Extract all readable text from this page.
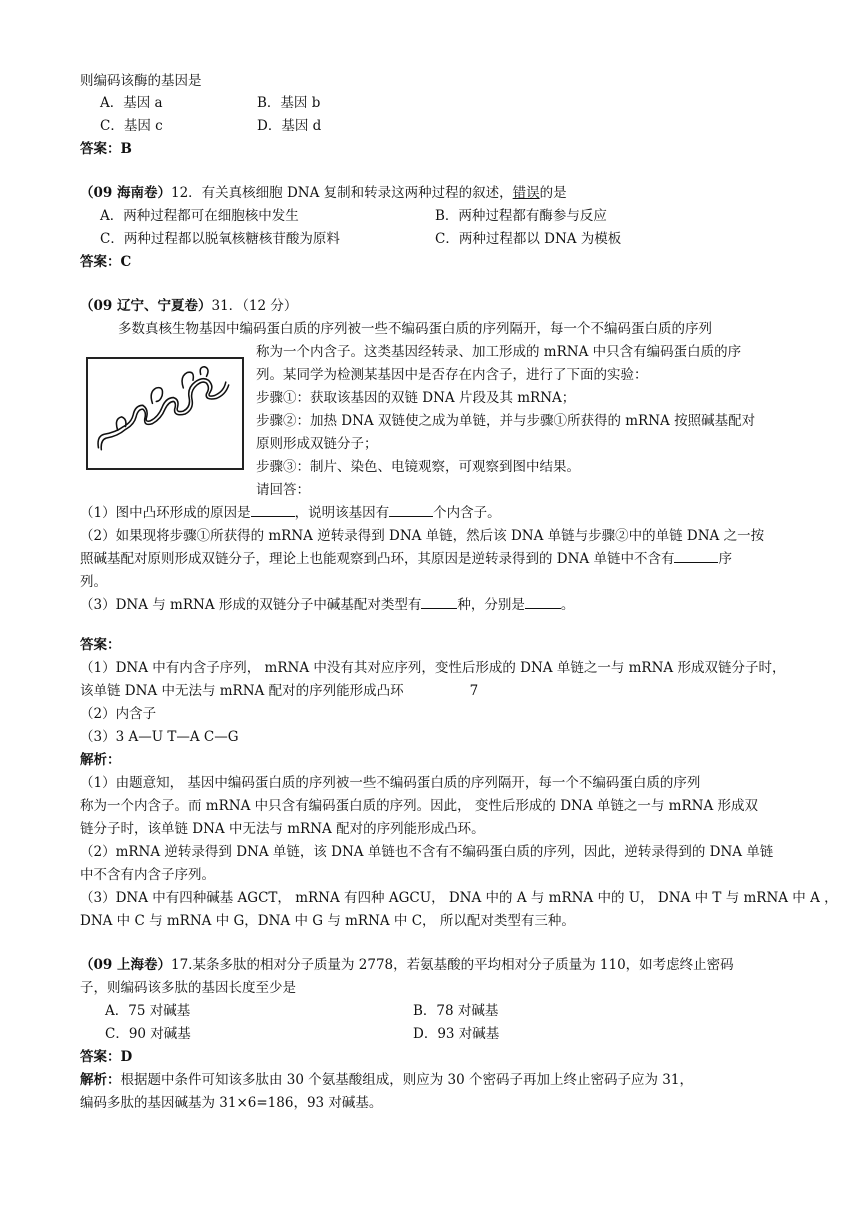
则编码该酶的基因是
A．基因 a	B．基因 b
C．基因 c	D．基因 d
答案：B
（09 海南卷）12．有关真核细胞 DNA 复制和转录这两种过程的叙述，错误的是
A．两种过程都可在细胞核中发生	B．两种过程都有酶参与反应
C．两种过程都以脱氧核糖核苷酸为原料	C．两种过程都以 DNA 为模板
答案：C
（09 辽宁、宁夏卷）31．（12 分）
多数真核生物基因中编码蛋白质的序列被一些不编码蛋白质的序列隔开，每一个不编码蛋白质的序列
称为一个内含子。这类基因经转录、加工形成的 mRNA 中只含有编码蛋白质的序
列。某同学为检测某基因中是否存在内含子，进行了下面的实验：
步骤①：获取该基因的双链 DNA 片段及其 mRNA；
步骤②：加热 DNA 双链使之成为单链，并与步骤①所获得的 mRNA 按照碱基配对
原则形成双链分子；
步骤③：制片、染色、电镜观察，可观察到图中结果。
请回答：
（1）图中凸环形成的原因是	，说明该基因有	个内含子。
（2）如果现将步骤①所获得的 mRNA 逆转录得到 DNA 单链，然后该 DNA 单链与步骤②中的单链 DNA 之一按
照碱基配对原则形成双链分子，理论上也能观察到凸环，其原因是逆转录得到的 DNA 单链中不含有	序
列。
（3）DNA 与 mRNA 形成的双链分子中碱基配对类型有	种，分别是	。
答案：
（1）DNA 中有内含子序列， mRNA 中没有其对应序列，变性后形成的 DNA 单链之一与 mRNA 形成双链分子时，
该单链 DNA 中无法与 mRNA 配对的序列能形成凸环	7
（2）内含子
（3）3 A—U T—A C—G
解析：
（1）由题意知， 基因中编码蛋白质的序列被一些不编码蛋白质的序列隔开，每一个不编码蛋白质的序列
称为一个内含子。而 mRNA 中只含有编码蛋白质的序列。因此， 变性后形成的 DNA 单链之一与 mRNA 形成双
链分子时，该单链 DNA 中无法与 mRNA 配对的序列能形成凸环。
（2）mRNA 逆转录得到 DNA 单链，该 DNA 单链也不含有不编码蛋白质的序列，因此，逆转录得到的 DNA 单链
中不含有内含子序列。
（3）DNA 中有四种碱基 AGCT， mRNA 有四种 AGCU， DNA 中的 A 与 mRNA 中的 U， DNA 中 T 与 mRNA 中 A ，
DNA 中 C 与 mRNA 中 G，DNA 中 G 与 mRNA 中 C， 所以配对类型有三种。
（09 上海卷）17.某条多肽的相对分子质量为 2778，若氨基酸的平均相对分子质量为 110，如考虑终止密码
子，则编码该多肽的基因长度至少是
A．75 对碱基	B．78 对碱基
C．90 对碱基	D．93 对碱基
答案：D
解析：根据题中条件可知该多肽由 30 个氨基酸组成，则应为 30 个密码子再加上终止密码子应为 31，
编码多肽的基因碱基为 31×6=186，93 对碱基。
